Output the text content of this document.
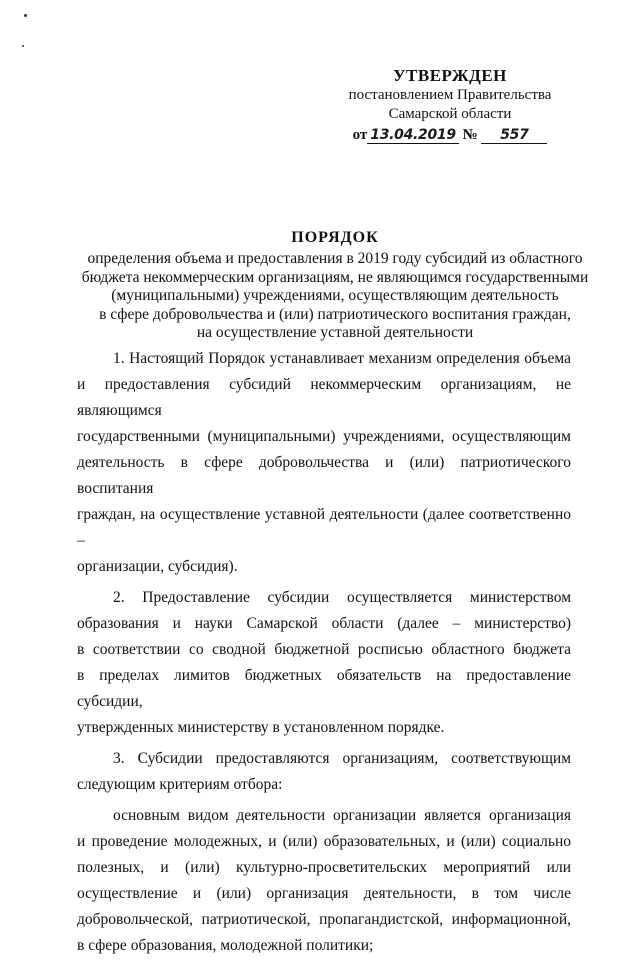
УТВЕРЖДЕН
постановлением Правительства
Самарской области
от 13.04.2019 № 557
ПОРЯДОК
определения объема и предоставления в 2019 году субсидий из областного
бюджета некоммерческим организациям, не являющимся государственными
(муниципальными) учреждениями, осуществляющим деятельность
в сфере добровольчества и (или) патриотического воспитания граждан,
на осуществление уставной деятельности
1. Настоящий Порядок устанавливает механизм определения объема
и предоставления субсидий некоммерческим организациям, не являющимся
государственными (муниципальными) учреждениями, осуществляющим
деятельность в сфере добровольчества и (или) патриотического воспитания
граждан, на осуществление уставной деятельности (далее соответственно –
организации, субсидия).
2. Предоставление субсидии осуществляется министерством
образования и науки Самарской области (далее – министерство)
в соответствии со сводной бюджетной росписью областного бюджета
в пределах лимитов бюджетных обязательств на предоставление субсидии,
утвержденных министерству в установленном порядке.
3. Субсидии предоставляются организациям, соответствующим
следующим критериям отбора:
основным видом деятельности организации является организация
и проведение молодежных, и (или) образовательных, и (или) социально
полезных, и (или) культурно-просветительских мероприятий или
осуществление и (или) организация деятельности, в том числе
добровольческой, патриотической, пропагандистской, информационной,
в сфере образования, молодежной политики;
